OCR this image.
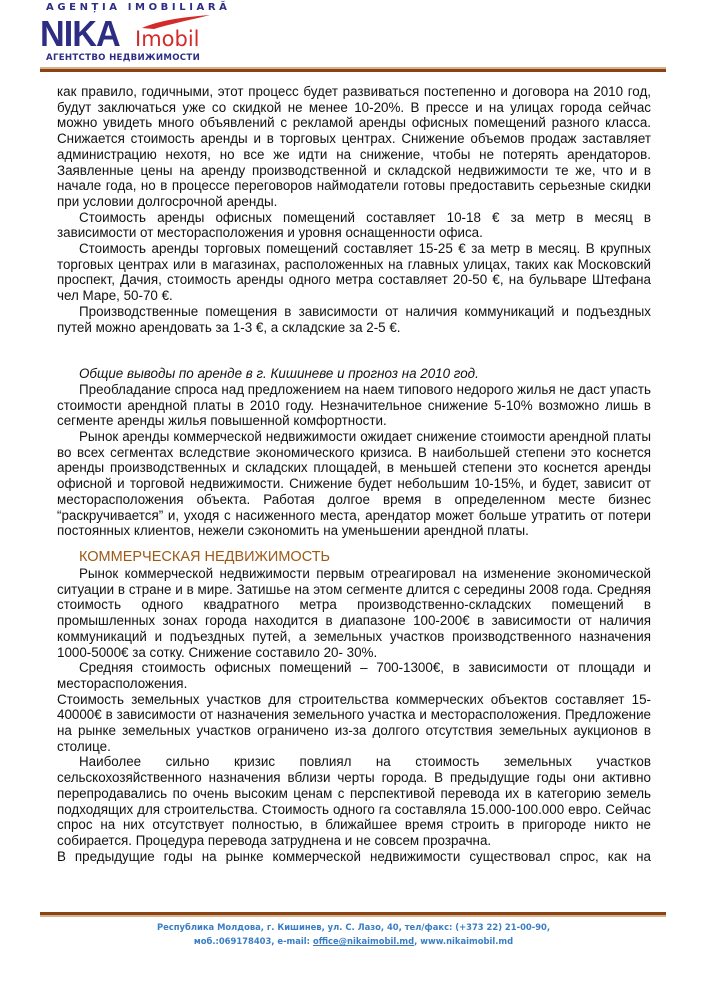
AGENȚIA IMOBILIARĂ
NIKA Imobil
АГЕНТСТВО НЕДВИЖИМОСТИ

как правило, годичными, этот процесс будет развиваться постепенно и договора на 2010 год, будут заключаться уже со скидкой не менее 10-20%. В прессе и на улицах города сейчас можно увидеть много объявлений с рекламой аренды офисных помещений разного класса. Снижается стоимость аренды и в торговых центрах. Снижение объемов продаж заставляет администрацию нехотя, но все же идти на снижение, чтобы не потерять арендаторов. Заявленные цены на аренду производственной и складской недвижимости те же, что и в начале года, но в процессе переговоров наймодатели готовы предоставить серьезные скидки при условии долгосрочной аренды.

Стоимость аренды офисных помещений составляет 10-18 € за метр в месяц в зависимости от месторасположения и уровня оснащенности офиса.

Стоимость аренды торговых помещений составляет 15-25 € за метр в месяц. В крупных торговых центрах или в магазинах, расположенных на главных улицах, таких как Московский проспект, Дачия, стоимость аренды одного метра составляет 20-50 €, на бульваре Штефана чел Маре, 50-70 €.

Производственные помещения в зависимости от наличия коммуникаций и подъездных путей можно арендовать за 1-3 €, а складские за 2-5 €.

Общие выводы по аренде в г. Кишиневе и прогноз на 2010 год.

Преобладание спроса над предложением на наем типового недорого жилья не даст упасть стоимости арендной платы в 2010 году. Незначительное снижение 5-10% возможно лишь в сегменте аренды жилья повышенной комфортности.

Рынок аренды коммерческой недвижимости ожидает снижение стоимости арендной платы во всех сегментах вследствие экономического кризиса. В наибольшей степени это коснется аренды производственных и складских площадей, в меньшей степени это коснется аренды офисной и торговой недвижимости. Снижение будет небольшим 10-15%, и будет, зависит от месторасположения объекта. Работая долгое время в определенном месте бизнес “раскручивается” и, уходя с насиженного места, арендатор может больше утратить от потери постоянных клиентов, нежели сэкономить на уменьшении арендной платы.

КОММЕРЧЕСКАЯ НЕДВИЖИМОСТЬ

Рынок коммерческой недвижимости первым отреагировал на изменение экономической ситуации в стране и в мире. Затишье на этом сегменте длится с середины 2008 года. Средняя стоимость одного квадратного метра производственно-складских помещений в промышленных зонах города находится в диапазоне 100-200€ в зависимости от наличия коммуникаций и подъездных путей, а земельных участков производственного назначения 1000-5000€ за сотку. Снижение составило 20- 30%.

Средняя стоимость офисных помещений – 700-1300€, в зависимости от площади и месторасположения.

Стоимость земельных участков для строительства коммерческих объектов составляет 15-40000€ в зависимости от назначения земельного участка и месторасположения. Предложение на рынке земельных участков ограничено из-за долгого отсутствия земельных аукционов в столице.

Наиболее сильно кризис повлиял на стоимость земельных участков сельскохозяйственного назначения вблизи черты города. В предыдущие годы они активно перепродавались по очень высоким ценам с перспективой перевода их в категорию земель подходящих для строительства. Стоимость одного га составляла 15.000-100.000 евро. Сейчас спрос на них отсутствует полностью, в ближайшее время строить в пригороде никто не собирается. Процедура перевода затруднена и не совсем прозрачна.

В предыдущие годы на рынке коммерческой недвижимости существовал спрос, как на

Республика Молдова, г. Кишинев, ул. С. Лазо, 40, тел/факс: (+373 22) 21-00-90,
моб.:069178403, e-mail: office@nikaimobil.md, www.nikaimobil.md
